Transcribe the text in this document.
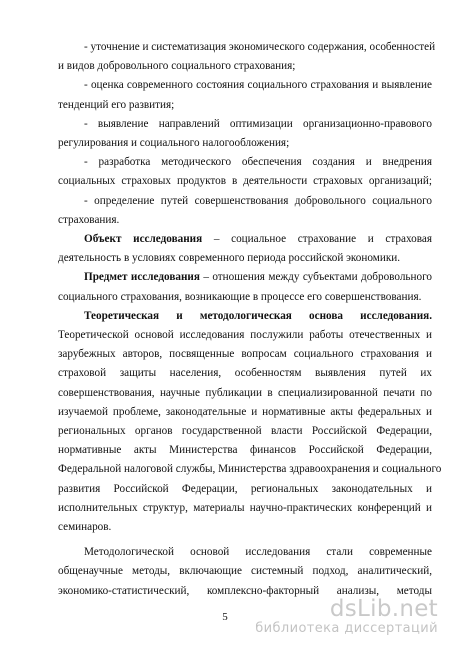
- уточнение и систематизация экономического содержания, особенностей
и видов добровольного социального страхования;
- оценка современного состояния социального страхования и выявление
тенденций его развития;
- выявление направлений оптимизации организационно-правового
регулирования и социального налогообложения;
- разработка методического обеспечения создания и внедрения
социальных страховых продуктов в деятельности страховых организаций;
- определение путей совершенствования добровольного социального
страхования.
Объект исследования – социальное страхование и страховая
деятельность в условиях современного периода российской экономики.
Предмет исследования – отношения между субъектами добровольного
социального страхования, возникающие в процессе его совершенствования.
Теоретическая и методологическая основа исследования.
Теоретической основой исследования послужили работы отечественных и
зарубежных авторов, посвященные вопросам социального страхования и
страховой защиты населения, особенностям выявления путей их
совершенствования, научные публикации в специализированной печати по
изучаемой проблеме, законодательные и нормативные акты федеральных и
региональных органов государственной власти Российской Федерации,
нормативные акты Министерства финансов Российской Федерации,
Федеральной налоговой службы, Министерства здравоохранения и социального
развития Российской Федерации, региональных законодательных и
исполнительных структур, материалы научно-практических конференций и
семинаров.
Методологической основой исследования стали современные
общенаучные методы, включающие системный подход, аналитический,
экономико-статистический, комплексно-факторный анализы, методы
5	dsLib.net
библиотека диссертаций
